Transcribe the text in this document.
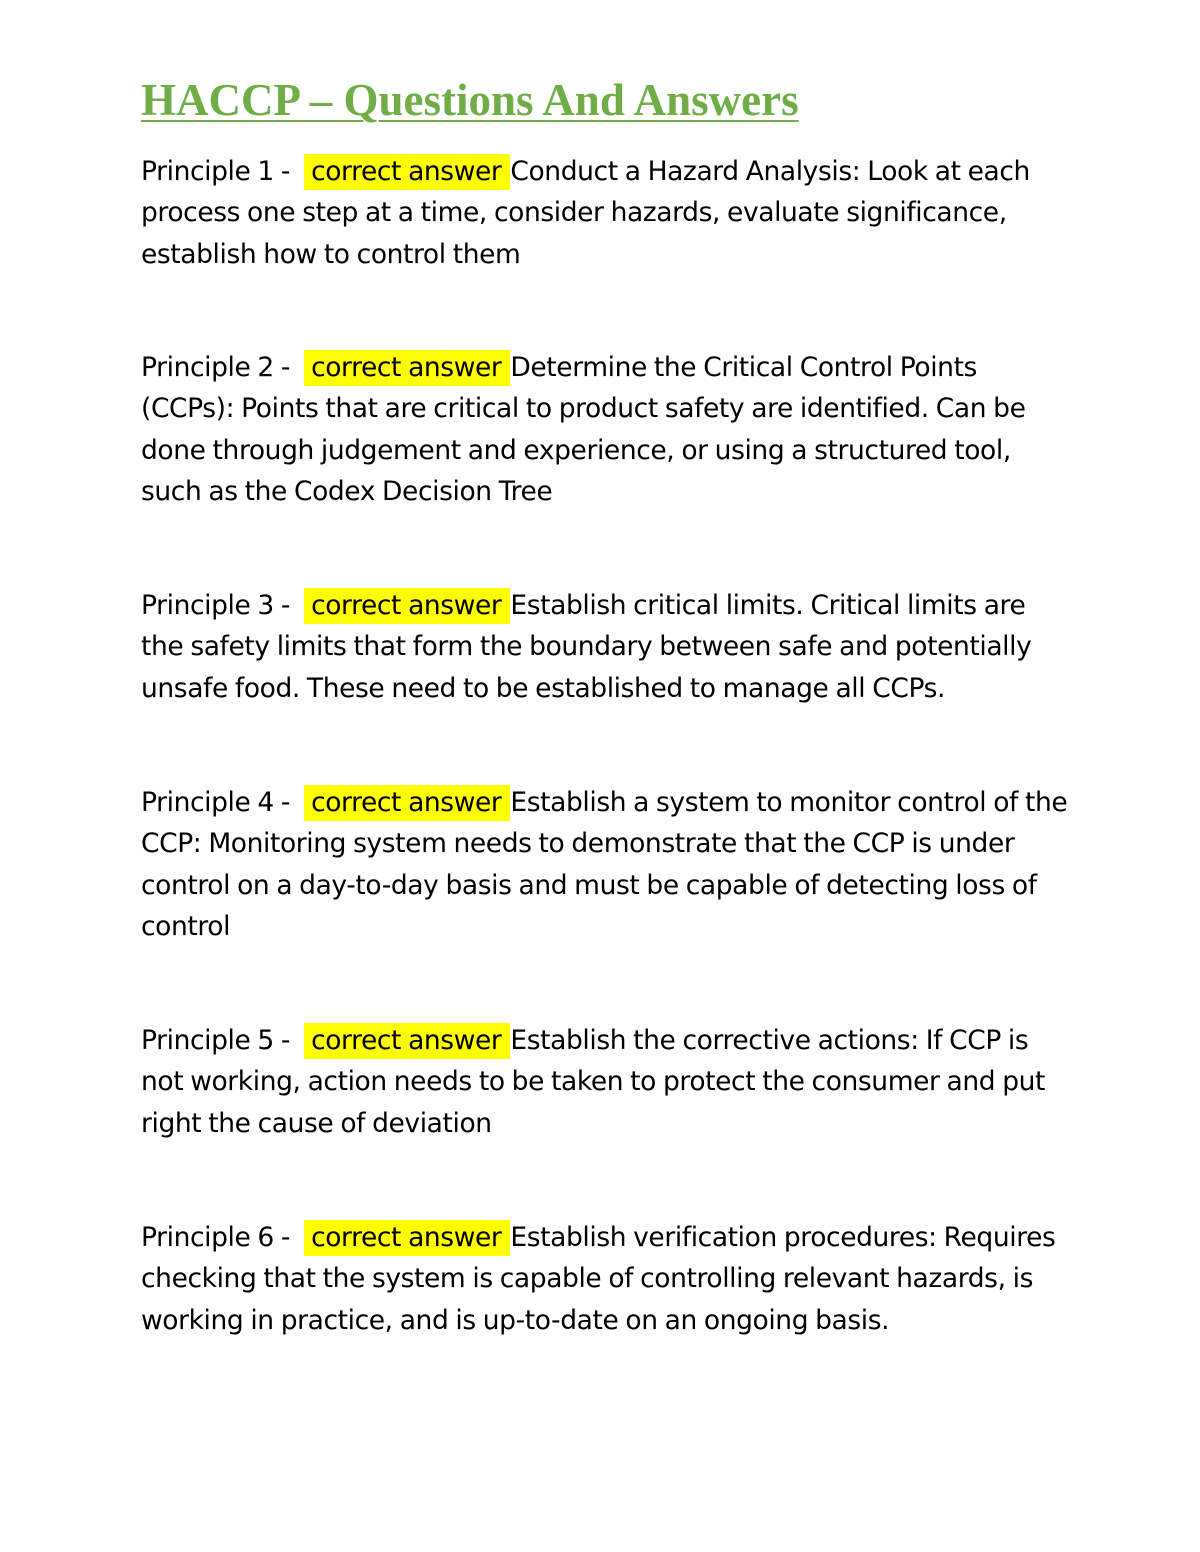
HACCP – Questions And Answers

Principle 1 - correct answer Conduct a Hazard Analysis: Look at each process one step at a time, consider hazards, evaluate significance, establish how to control them

Principle 2 - correct answer Determine the Critical Control Points (CCPs): Points that are critical to product safety are identified. Can be done through judgement and experience, or using a structured tool, such as the Codex Decision Tree

Principle 3 - correct answer Establish critical limits. Critical limits are the safety limits that form the boundary between safe and potentially unsafe food. These need to be established to manage all CCPs.

Principle 4 - correct answer Establish a system to monitor control of the CCP: Monitoring system needs to demonstrate that the CCP is under control on a day-to-day basis and must be capable of detecting loss of control

Principle 5 - correct answer Establish the corrective actions: If CCP is not working, action needs to be taken to protect the consumer and put right the cause of deviation

Principle 6 - correct answer Establish verification procedures: Requires checking that the system is capable of controlling relevant hazards, is working in practice, and is up-to-date on an ongoing basis.
